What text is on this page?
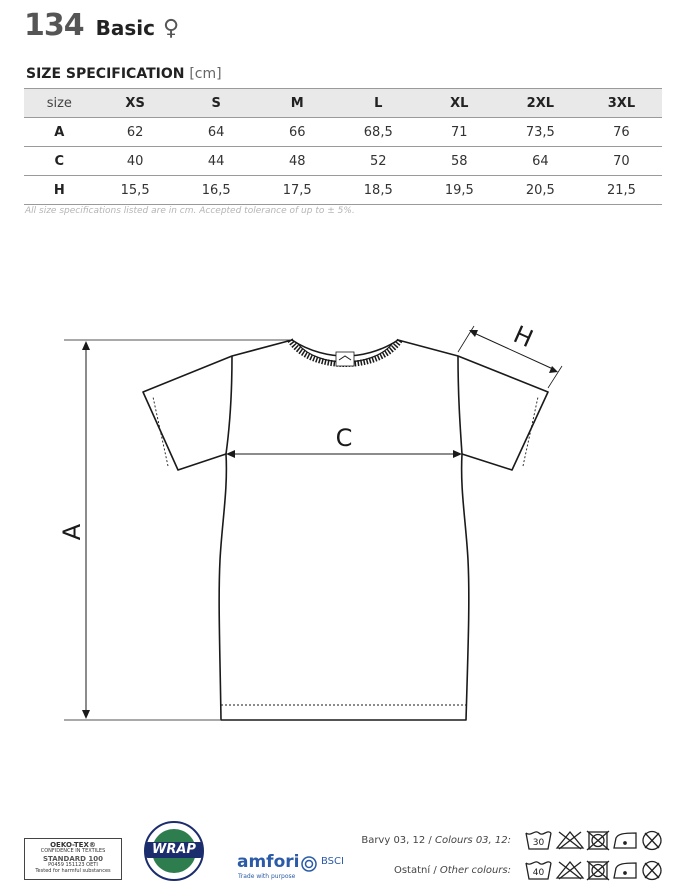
134 Basic ♀
SIZE SPECIFICATION [cm]
size	XS	S	M	L	XL	2XL	3XL
A	62	64	66	68,5	71	73,5	76
C	40	44	48	52	58	64	70
H	15,5	16,5	17,5	18,5	19,5	20,5	21,5
All size specifications listed are in cm. Accepted tolerance of up to ± 5%.
A
C
H
OEKO-TEX®
CONFIDENCE IN TEXTILES
STANDARD 100
P0459 151123 OETI
Tested for harmful substances
WRAP
amfori BSCI
Trade with purpose
Barvy 03, 12 / Colours 03, 12:
Ostatní / Other colours:
30
40
